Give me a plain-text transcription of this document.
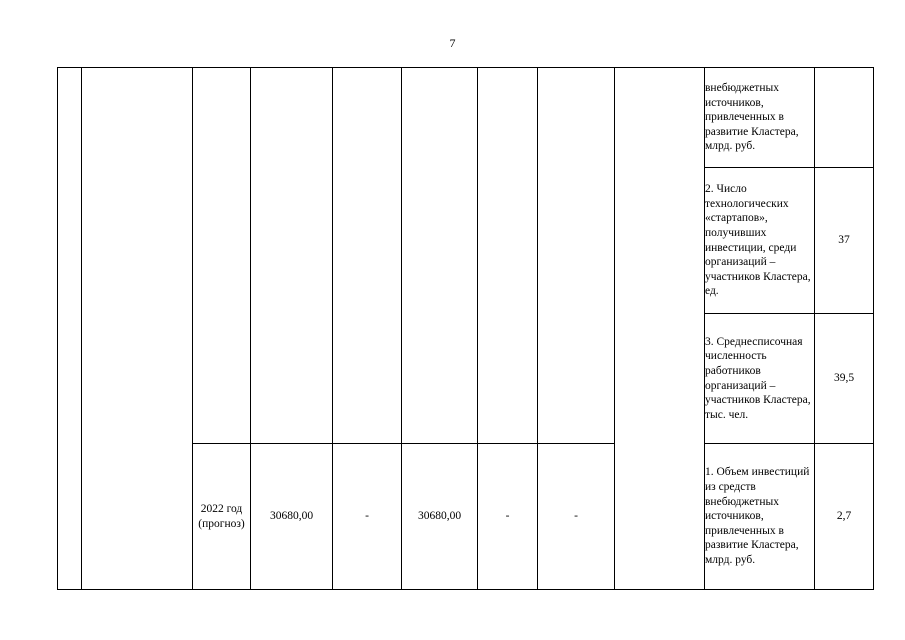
7
									внебюджетных источников, привлеченных в развитие Кластера, млрд. руб.	
									2. Число технологических «стартапов», получивших инвестиции, среди организаций – участников Кластера, ед.	37
									3. Среднесписочная численность работников организаций – участников Кластера, тыс. чел.	39,5
		2022 год (прогноз)	30680,00	-	30680,00	-	-		1. Объем инвестиций из средств внебюджетных источников, привлеченных в развитие Кластера, млрд. руб.	2,7
